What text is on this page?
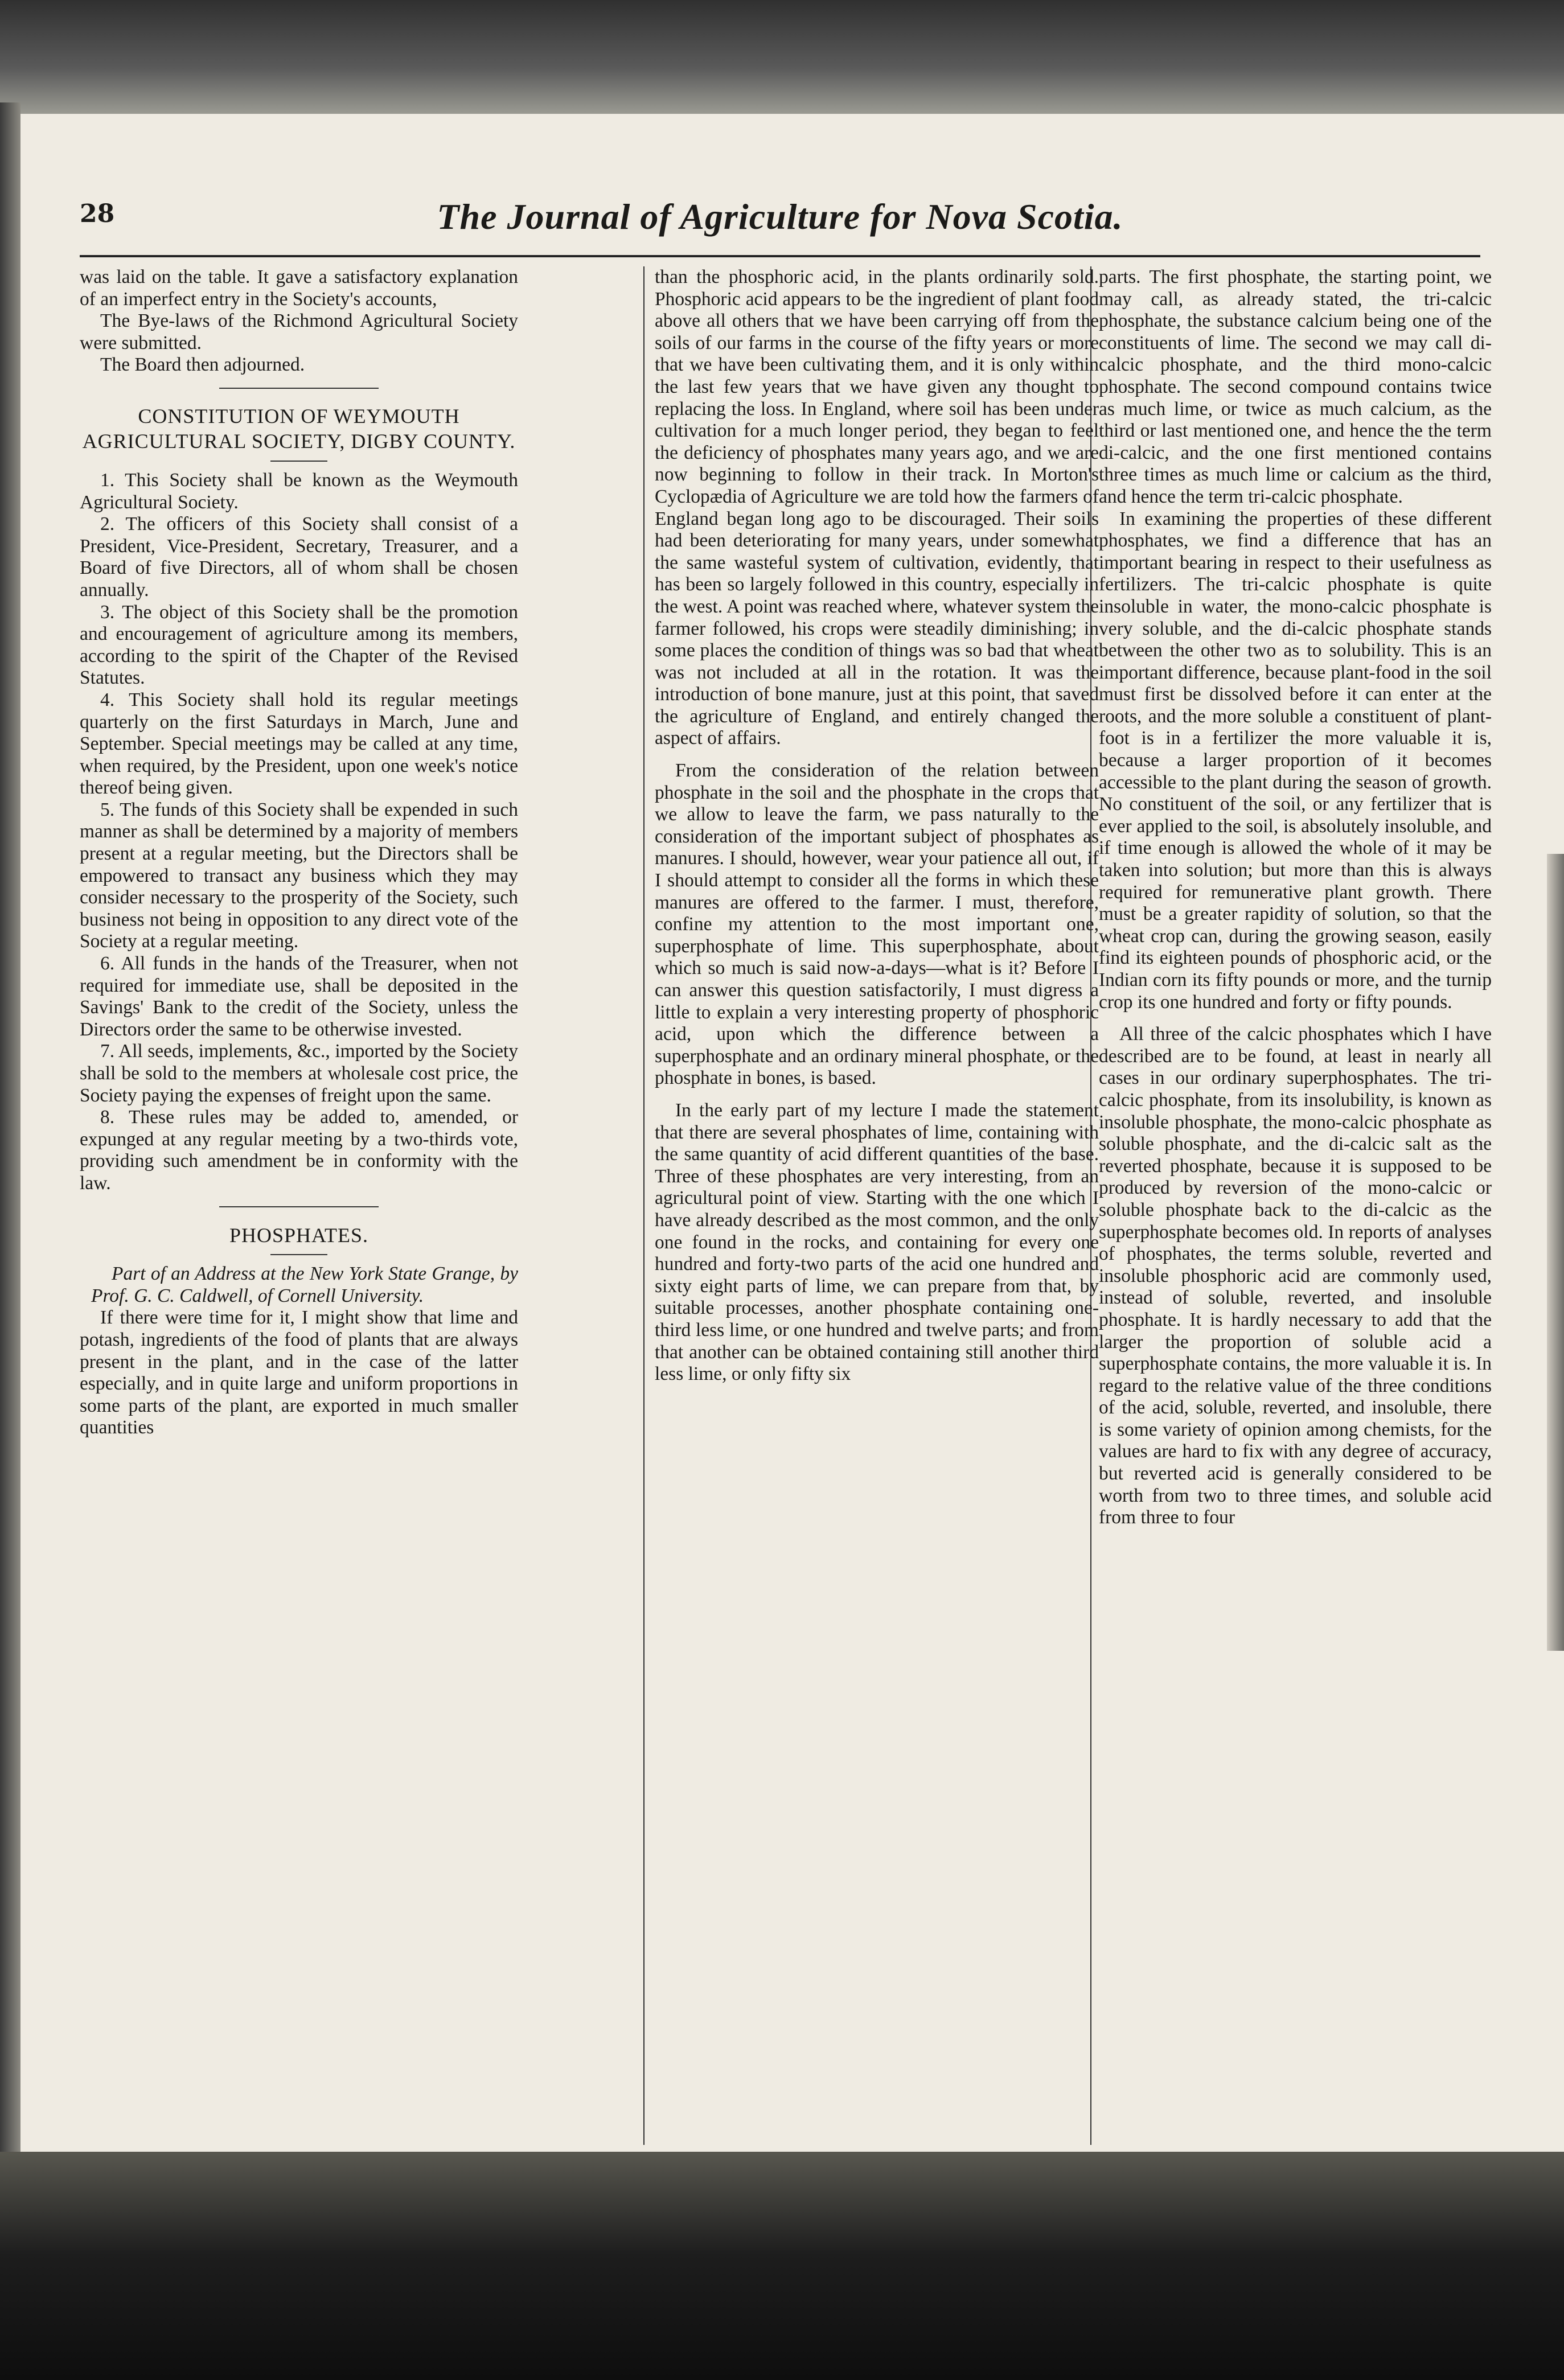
28	The Journal of Agriculture for Nova Scotia.

was laid on the table. It gave a satisfactory explanation of an imperfect entry in the Society's accounts,

The Bye-laws of the Richmond Agricultural Society were submitted.

The Board then adjourned.

CONSTITUTION OF WEYMOUTH AGRICULTURAL SOCIETY, DIGBY COUNTY.

1. This Society shall be known as the Weymouth Agricultural Society.

2. The officers of this Society shall consist of a President, Vice-President, Secretary, Treasurer, and a Board of five Directors, all of whom shall be chosen annually.

3. The object of this Society shall be the promotion and encouragement of agriculture among its members, according to the spirit of the Chapter of the Revised Statutes.

4. This Society shall hold its regular meetings quarterly on the first Saturdays in March, June and September. Special meetings may be called at any time, when required, by the President, upon one week's notice thereof being given.

5. The funds of this Society shall be expended in such manner as shall be determined by a majority of members present at a regular meeting, but the Directors shall be empowered to transact any business which they may consider necessary to the prosperity of the Society, such business not being in opposition to any direct vote of the Society at a regular meeting.

6. All funds in the hands of the Treasurer, when not required for immediate use, shall be deposited in the Savings' Bank to the credit of the Society, unless the Directors order the same to be otherwise invested.

7. All seeds, implements, &c., imported by the Society shall be sold to the members at wholesale cost price, the Society paying the expenses of freight upon the same.

8. These rules may be added to, amended, or expunged at any regular meeting by a two-thirds vote, providing such amendment be in conformity with the law.

PHOSPHATES.

Part of an Address at the New York State Grange, by Prof. G. C. Caldwell, of Cornell University.

If there were time for it, I might show that lime and potash, ingredients of the food of plants that are always present in the plant, and in the case of the latter especially, and in quite large and uniform proportions in some parts of the plant, are exported in much smaller quantities

than the phosphoric acid, in the plants ordinarily sold. Phosphoric acid appears to be the ingredient of plant food above all others that we have been carrying off from the soils of our farms in the course of the fifty years or more that we have been cultivating them, and it is only within the last few years that we have given any thought to replacing the loss. In England, where soil has been under cultivation for a much longer period, they began to feel the deficiency of phosphates many years ago, and we are now beginning to follow in their track. In Morton's Cyclopædia of Agriculture we are told how the farmers of England began long ago to be discouraged. Their soils had been deteriorating for many years, under somewhat the same wasteful system of cultivation, evidently, that has been so largely followed in this country, especially in the west. A point was reached where, whatever system the farmer followed, his crops were steadily diminishing; in some places the condition of things was so bad that wheat was not included at all in the rotation. It was the introduction of bone manure, just at this point, that saved the agriculture of England, and entirely changed the aspect of affairs.

From the consideration of the relation between phosphate in the soil and the phosphate in the crops that we allow to leave the farm, we pass naturally to the consideration of the important subject of phosphates as manures. I should, however, wear your patience all out, if I should attempt to consider all the forms in which these manures are offered to the farmer. I must, therefore, confine my attention to the most important one, superphosphate of lime. This superphosphate, about which so much is said now-a-days—what is it? Before I can answer this question satisfactorily, I must digress a little to explain a very interesting property of phosphoric acid, upon which the difference between a superphosphate and an ordinary mineral phosphate, or the phosphate in bones, is based.

In the early part of my lecture I made the statement that there are several phosphates of lime, containing with the same quantity of acid different quantities of the base. Three of these phosphates are very interesting, from an agricultural point of view. Starting with the one which I have already described as the most common, and the only one found in the rocks, and containing for every one hundred and forty-two parts of the acid one hundred and sixty eight parts of lime, we can prepare from that, by suitable processes, another phosphate containing one-third less lime, or one hundred and twelve parts; and from that another can be obtained containing still another third less lime, or only fifty six

parts. The first phosphate, the starting point, we may call, as already stated, the tri-calcic phosphate, the substance calcium being one of the constituents of lime. The second we may call di-calcic phosphate, and the third mono-calcic phosphate. The second compound contains twice as much lime, or twice as much calcium, as the third or last mentioned one, and hence the the term di-calcic, and the one first mentioned contains three times as much lime or calcium as the third, and hence the term tri-calcic phosphate.

In examining the properties of these different phosphates, we find a difference that has an important bearing in respect to their usefulness as fertilizers. The tri-calcic phosphate is quite insoluble in water, the mono-calcic phosphate is very soluble, and the di-calcic phosphate stands between the other two as to solubility. This is an important difference, because plant-food in the soil must first be dissolved before it can enter at the roots, and the more soluble a constituent of plant-foot is in a fertilizer the more valuable it is, because a larger proportion of it becomes accessible to the plant during the season of growth. No constituent of the soil, or any fertilizer that is ever applied to the soil, is absolutely insoluble, and if time enough is allowed the whole of it may be taken into solution; but more than this is always required for remunerative plant growth. There must be a greater rapidity of solution, so that the wheat crop can, during the growing season, easily find its eighteen pounds of phosphoric acid, or the Indian corn its fifty pounds or more, and the turnip crop its one hundred and forty or fifty pounds.

All three of the calcic phosphates which I have described are to be found, at least in nearly all cases in our ordinary superphosphates. The tri-calcic phosphate, from its insolubility, is known as insoluble phosphate, the mono-calcic phosphate as soluble phosphate, and the di-calcic salt as the reverted phosphate, because it is supposed to be produced by reversion of the mono-calcic or soluble phosphate back to the di-calcic as the superphosphate becomes old. In reports of analyses of phosphates, the terms soluble, reverted and insoluble phosphoric acid are commonly used, instead of soluble, reverted, and insoluble phosphate. It is hardly necessary to add that the larger the proportion of soluble acid a superphosphate contains, the more valuable it is. In regard to the relative value of the three conditions of the acid, soluble, reverted, and insoluble, there is some variety of opinion among chemists, for the values are hard to fix with any degree of accuracy, but reverted acid is generally considered to be worth from two to three times, and soluble acid from three to four
